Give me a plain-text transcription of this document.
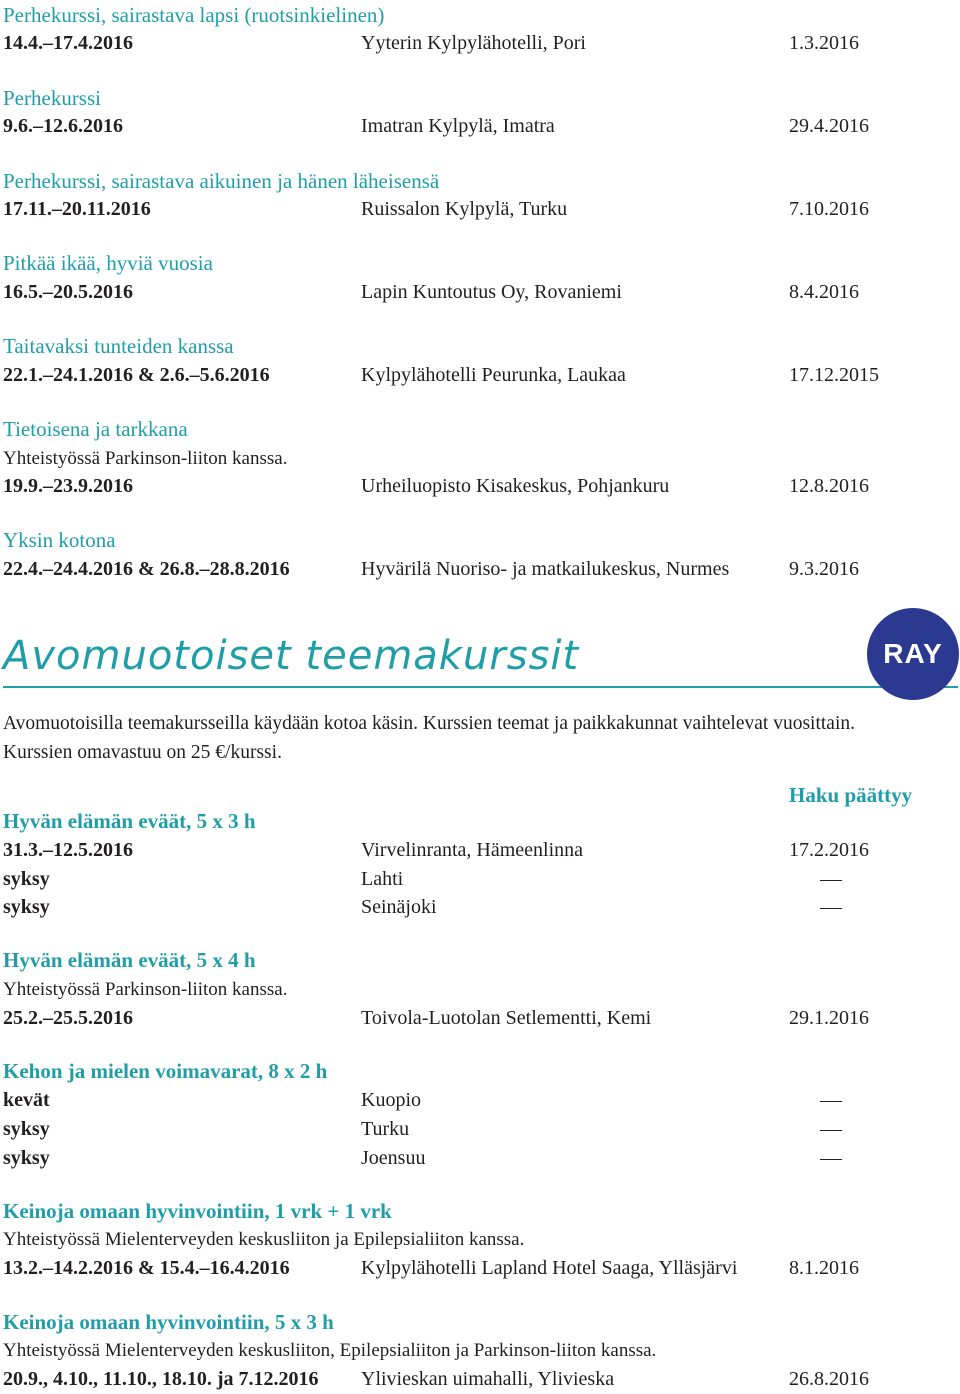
Perhekurssi, sairastava lapsi (ruotsinkielinen)
14.4.–17.4.2016	Yyterin Kylpylähotelli, Pori	1.3.2016
Perhekurssi
9.6.–12.6.2016	Imatran Kylpylä, Imatra	29.4.2016
Perhekurssi, sairastava aikuinen ja hänen läheisensä
17.11.–20.11.2016	Ruissalon Kylpylä, Turku	7.10.2016
Pitkää ikää, hyviä vuosia
16.5.–20.5.2016	Lapin Kuntoutus Oy, Rovaniemi	8.4.2016
Taitavaksi tunteiden kanssa
22.1.–24.1.2016 & 2.6.–5.6.2016	Kylpylähotelli Peurunka, Laukaa	17.12.2015
Tietoisena ja tarkkana
Yhteistyössä Parkinson-liiton kanssa.
19.9.–23.9.2016	Urheiluopisto Kisakeskus, Pohjankuru	12.8.2016
Yksin kotona
22.4.–24.4.2016 & 26.8.–28.8.2016	Hyvärilä Nuoriso- ja matkailukeskus, Nurmes	9.3.2016
Avomuotoiset teemakurssit	RAY
Avomuotoisilla teemakursseilla käydään kotoa käsin. Kurssien teemat ja paikkakunnat vaihtelevat vuosittain. Kurssien omavastuu on 25 €/kurssi.
Haku päättyy
Hyvän elämän eväät, 5 x 3 h
31.3.–12.5.2016	Virvelinranta, Hämeenlinna	17.2.2016
syksy	Lahti
syksy	Seinäjoki
Hyvän elämän eväät, 5 x 4 h
Yhteistyössä Parkinson-liiton kanssa.
25.2.–25.5.2016	Toivola-Luotolan Setlementti, Kemi	29.1.2016
Kehon ja mielen voimavarat, 8 x 2 h
kevät	Kuopio
syksy	Turku
syksy	Joensuu
Keinoja omaan hyvinvointiin, 1 vrk + 1 vrk
Yhteistyössä Mielenterveyden keskusliiton ja Epilepsialiiton kanssa.
13.2.–14.2.2016 & 15.4.–16.4.2016	Kylpylähotelli Lapland Hotel Saaga, Ylläsjärvi	8.1.2016
Keinoja omaan hyvinvointiin, 5 x 3 h
Yhteistyössä Mielenterveyden keskusliiton, Epilepsialiiton ja Parkinson-liiton kanssa.
20.9., 4.10., 11.10., 18.10. ja 7.12.2016 Ylivieskan uimahalli, Ylivieska	26.8.2016
